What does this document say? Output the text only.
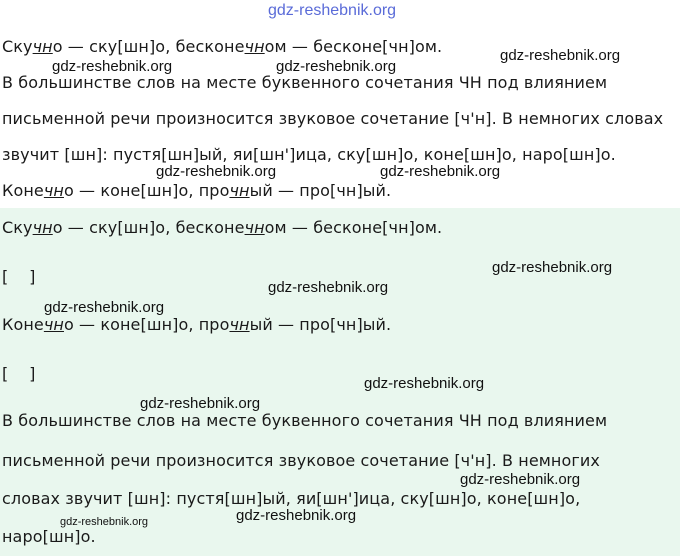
Скучно — ску[шн]о, бесконечном — бесконе[чн]ом.
В большинстве слов на месте буквенного сочетания ЧН под влиянием
письменной речи произносится звуковое сочетание [ч'н]. В немногих словах
звучит [шн]: пустя[шн]ый, яи[шн']ица, ску[шн]о, коне[шн]о, наро[шн]о.
Конечно — коне[шн]о, прочный — про[чн]ый.
Скучно — ску[шн]о, бесконечном — бесконе[чн]ом.
[    ]
Конечно — коне[шн]о, прочный — про[чн]ый.
[    ]
В большинстве слов на месте буквенного сочетания ЧН под влиянием
письменной речи произносится звуковое сочетание [ч'н]. В немногих
словах звучит [шн]: пустя[шн]ый, яи[шн']ица, ску[шн]о, коне[шн]о,
наро[шн]о.
gdz-reshebnik.org
gdz-reshebnik.org
gdz-reshebnik.org	gdz-reshebnik.org
gdz-reshebnik.org	gdz-reshebnik.org
gdz-reshebnik.org
gdz-reshebnik.org
gdz-reshebnik.org
gdz-reshebnik.org
gdz-reshebnik.org
gdz-reshebnik.org
gdz-reshebnik.org
gdz-reshebnik.org
